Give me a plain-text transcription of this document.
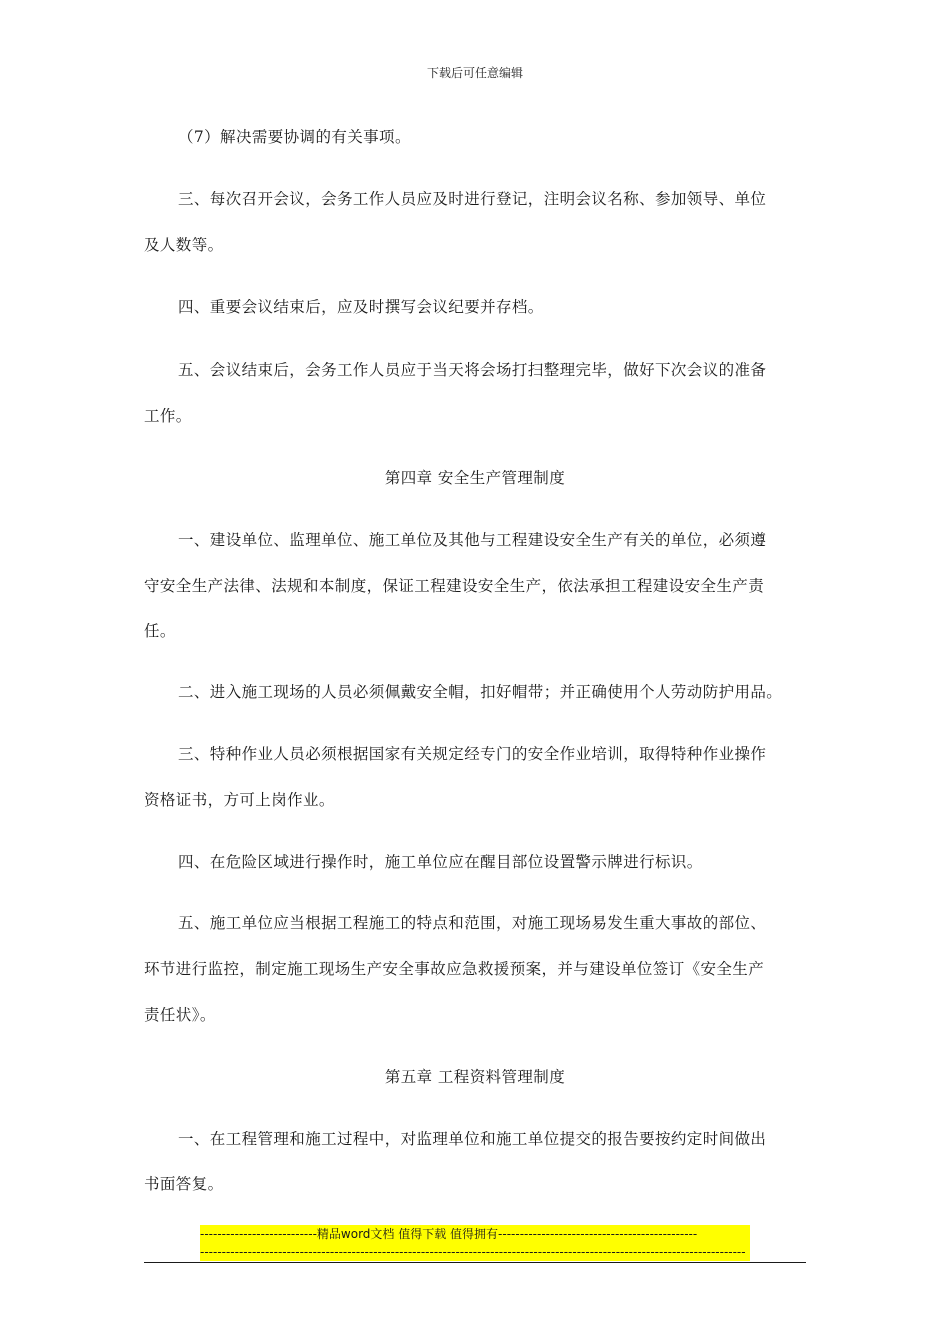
下载后可任意编辑
（7）解决需要协调的有关事项。
三、每次召开会议，会务工作人员应及时进行登记，注明会议名称、参加领导、单位
及人数等。
四、重要会议结束后，应及时撰写会议纪要并存档。
五、会议结束后，会务工作人员应于当天将会场打扫整理完毕，做好下次会议的准备
工作。
第四章 安全生产管理制度
一、建设单位、监理单位、施工单位及其他与工程建设安全生产有关的单位，必须遵
守安全生产法律、法规和本制度，保证工程建设安全生产，依法承担工程建设安全生产责
任。
二、进入施工现场的人员必须佩戴安全帽，扣好帽带；并正确使用个人劳动防护用品。
三、特种作业人员必须根据国家有关规定经专门的安全作业培训，取得特种作业操作
资格证书，方可上岗作业。
四、在危险区域进行操作时，施工单位应在醒目部位设置警示牌进行标识。
五、施工单位应当根据工程施工的特点和范围，对施工现场易发生重大事故的部位、
环节进行监控，制定施工现场生产安全事故应急救援预案，并与建设单位签订《安全生产
责任状》。
第五章 工程资料管理制度
一、在工程管理和施工过程中，对监理单位和施工单位提交的报告要按约定时间做出
书面答复。
---------------------------精品word文档 值得下载 值得拥有----------------------------------------------
------------------------------------------------------------------------------------------------------------------------------
